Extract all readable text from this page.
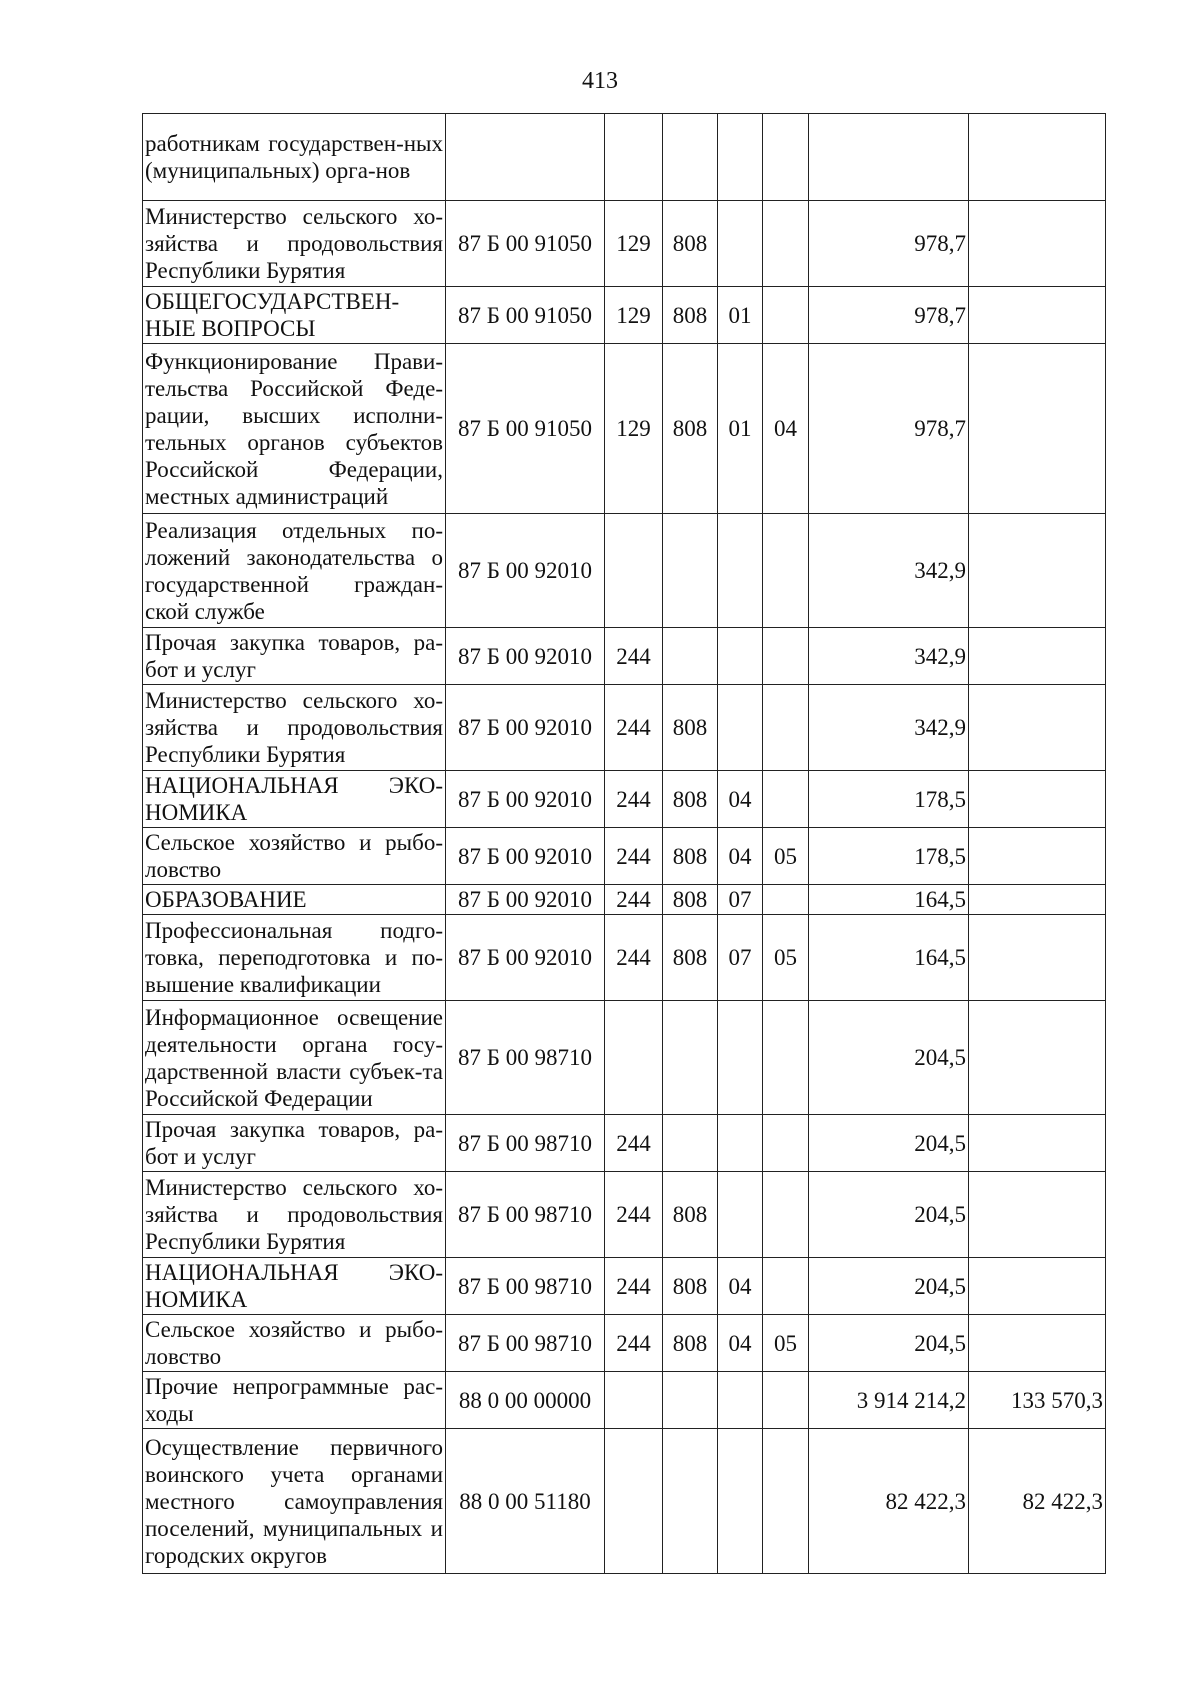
413
работникам государствен-ных (муниципальных) орга-нов							
Министерство сельского хо-зяйства и продовольствия Республики Бурятия	87 Б 00 91050	129	808			978,7	
ОБЩЕГОСУДАРСТВЕН-НЫЕ ВОПРОСЫ	87 Б 00 91050	129	808	01		978,7	
Функционирование Прави-тельства Российской Феде-рации, высших исполни-тельных органов субъектов Российской Федерации, местных администраций	87 Б 00 91050	129	808	01	04	978,7	
Реализация отдельных по-ложений законодательства о государственной граждан-ской службе	87 Б 00 92010					342,9	
Прочая закупка товаров, ра-бот и услуг	87 Б 00 92010	244				342,9	
Министерство сельского хо-зяйства и продовольствия Республики Бурятия	87 Б 00 92010	244	808			342,9	
НАЦИОНАЛЬНАЯ ЭКО-НОМИКА	87 Б 00 92010	244	808	04		178,5	
Сельское хозяйство и рыбо-ловство	87 Б 00 92010	244	808	04	05	178,5	
ОБРАЗОВАНИЕ	87 Б 00 92010	244	808	07		164,5	
Профессиональная подго-товка, переподготовка и по-вышение квалификации	87 Б 00 92010	244	808	07	05	164,5	
Информационное освещение деятельности органа госу-дарственной власти субъек-та Российской Федерации	87 Б 00 98710					204,5	
Прочая закупка товаров, ра-бот и услуг	87 Б 00 98710	244				204,5	
Министерство сельского хо-зяйства и продовольствия Республики Бурятия	87 Б 00 98710	244	808			204,5	
НАЦИОНАЛЬНАЯ ЭКО-НОМИКА	87 Б 00 98710	244	808	04		204,5	
Сельское хозяйство и рыбо-ловство	87 Б 00 98710	244	808	04	05	204,5	
Прочие непрограммные рас-ходы	88 0 00 00000					3 914 214,2	133 570,3
Осуществление первичного воинского учета органами местного самоуправления поселений, муниципальных и городских округов	88 0 00 51180					82 422,3	82 422,3
